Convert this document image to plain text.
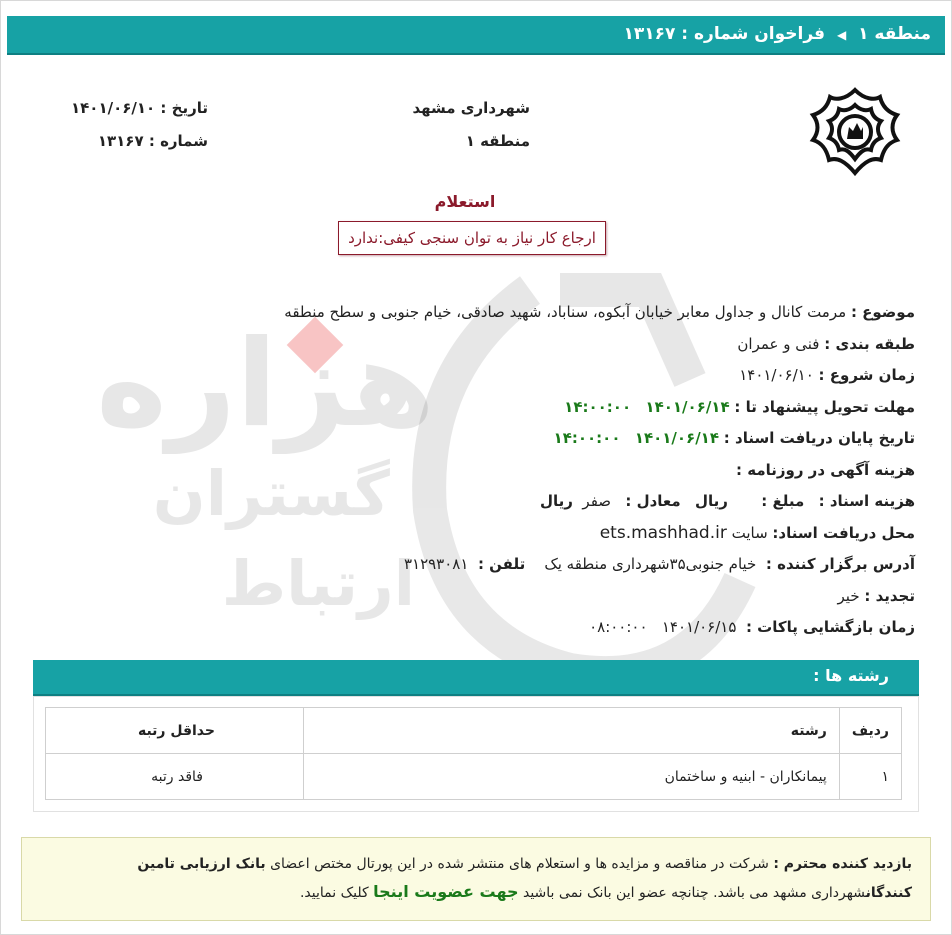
منطقه ۱ ◀ فراخوان شماره : ۱۳۱۶۷
شهرداری مشهد
منطقه ۱
تاریخ : ۱۴۰۱/۰۶/۱۰
شماره : ۱۳۱۶۷
استعلام
ارجاع کار نیاز به توان سنجی کیفی:ندارد
موضوع : مرمت کانال و جداول معابر خیابان آبکوه، سناباد، شهید صادقی، خیام جنوبی و سطح منطقه
طبقه بندی : فنی و عمران
زمان شروع : ۱۴۰۱/۰۶/۱۰
مهلت تحویل پیشنهاد تا : ۱۴۰۱/۰۶/۱۴   ۱۴:۰۰:۰۰
تاریخ پایان دریافت اسناد : ۱۴۰۱/۰۶/۱۴   ۱۴:۰۰:۰۰
هزینه آگهی در روزنامه :
هزینه اسناد :   مبلغ :       ریال   معادل :   صفر  ریال
محل دریافت اسناد: سایت ets.mashhad.ir
آدرس برگزار کننده :  خیام جنوبی۳۵شهرداری منطقه یک    تلفن :  ۳۱۲۹۳۰۸۱
تجدید : خیر
زمان بازگشایی پاکات :  ۱۴۰۱/۰۶/۱۵   ۰۸:۰۰:۰۰
رشته ها :
ردیف	رشته	حداقل رتبه
۱	پیمانکاران - ابنیه و ساختمان	فاقد رتبه
بازدید کننده محترم : شرکت در مناقصه و مزایده ها و استعلام های منتشر شده در این پورتال مختص اعضای بانک ارزیابی تامین کنندگانشهرداری مشهد می باشد. چنانچه عضو این بانک نمی باشید جهت عضویت اینجا کلیک نمایید.
